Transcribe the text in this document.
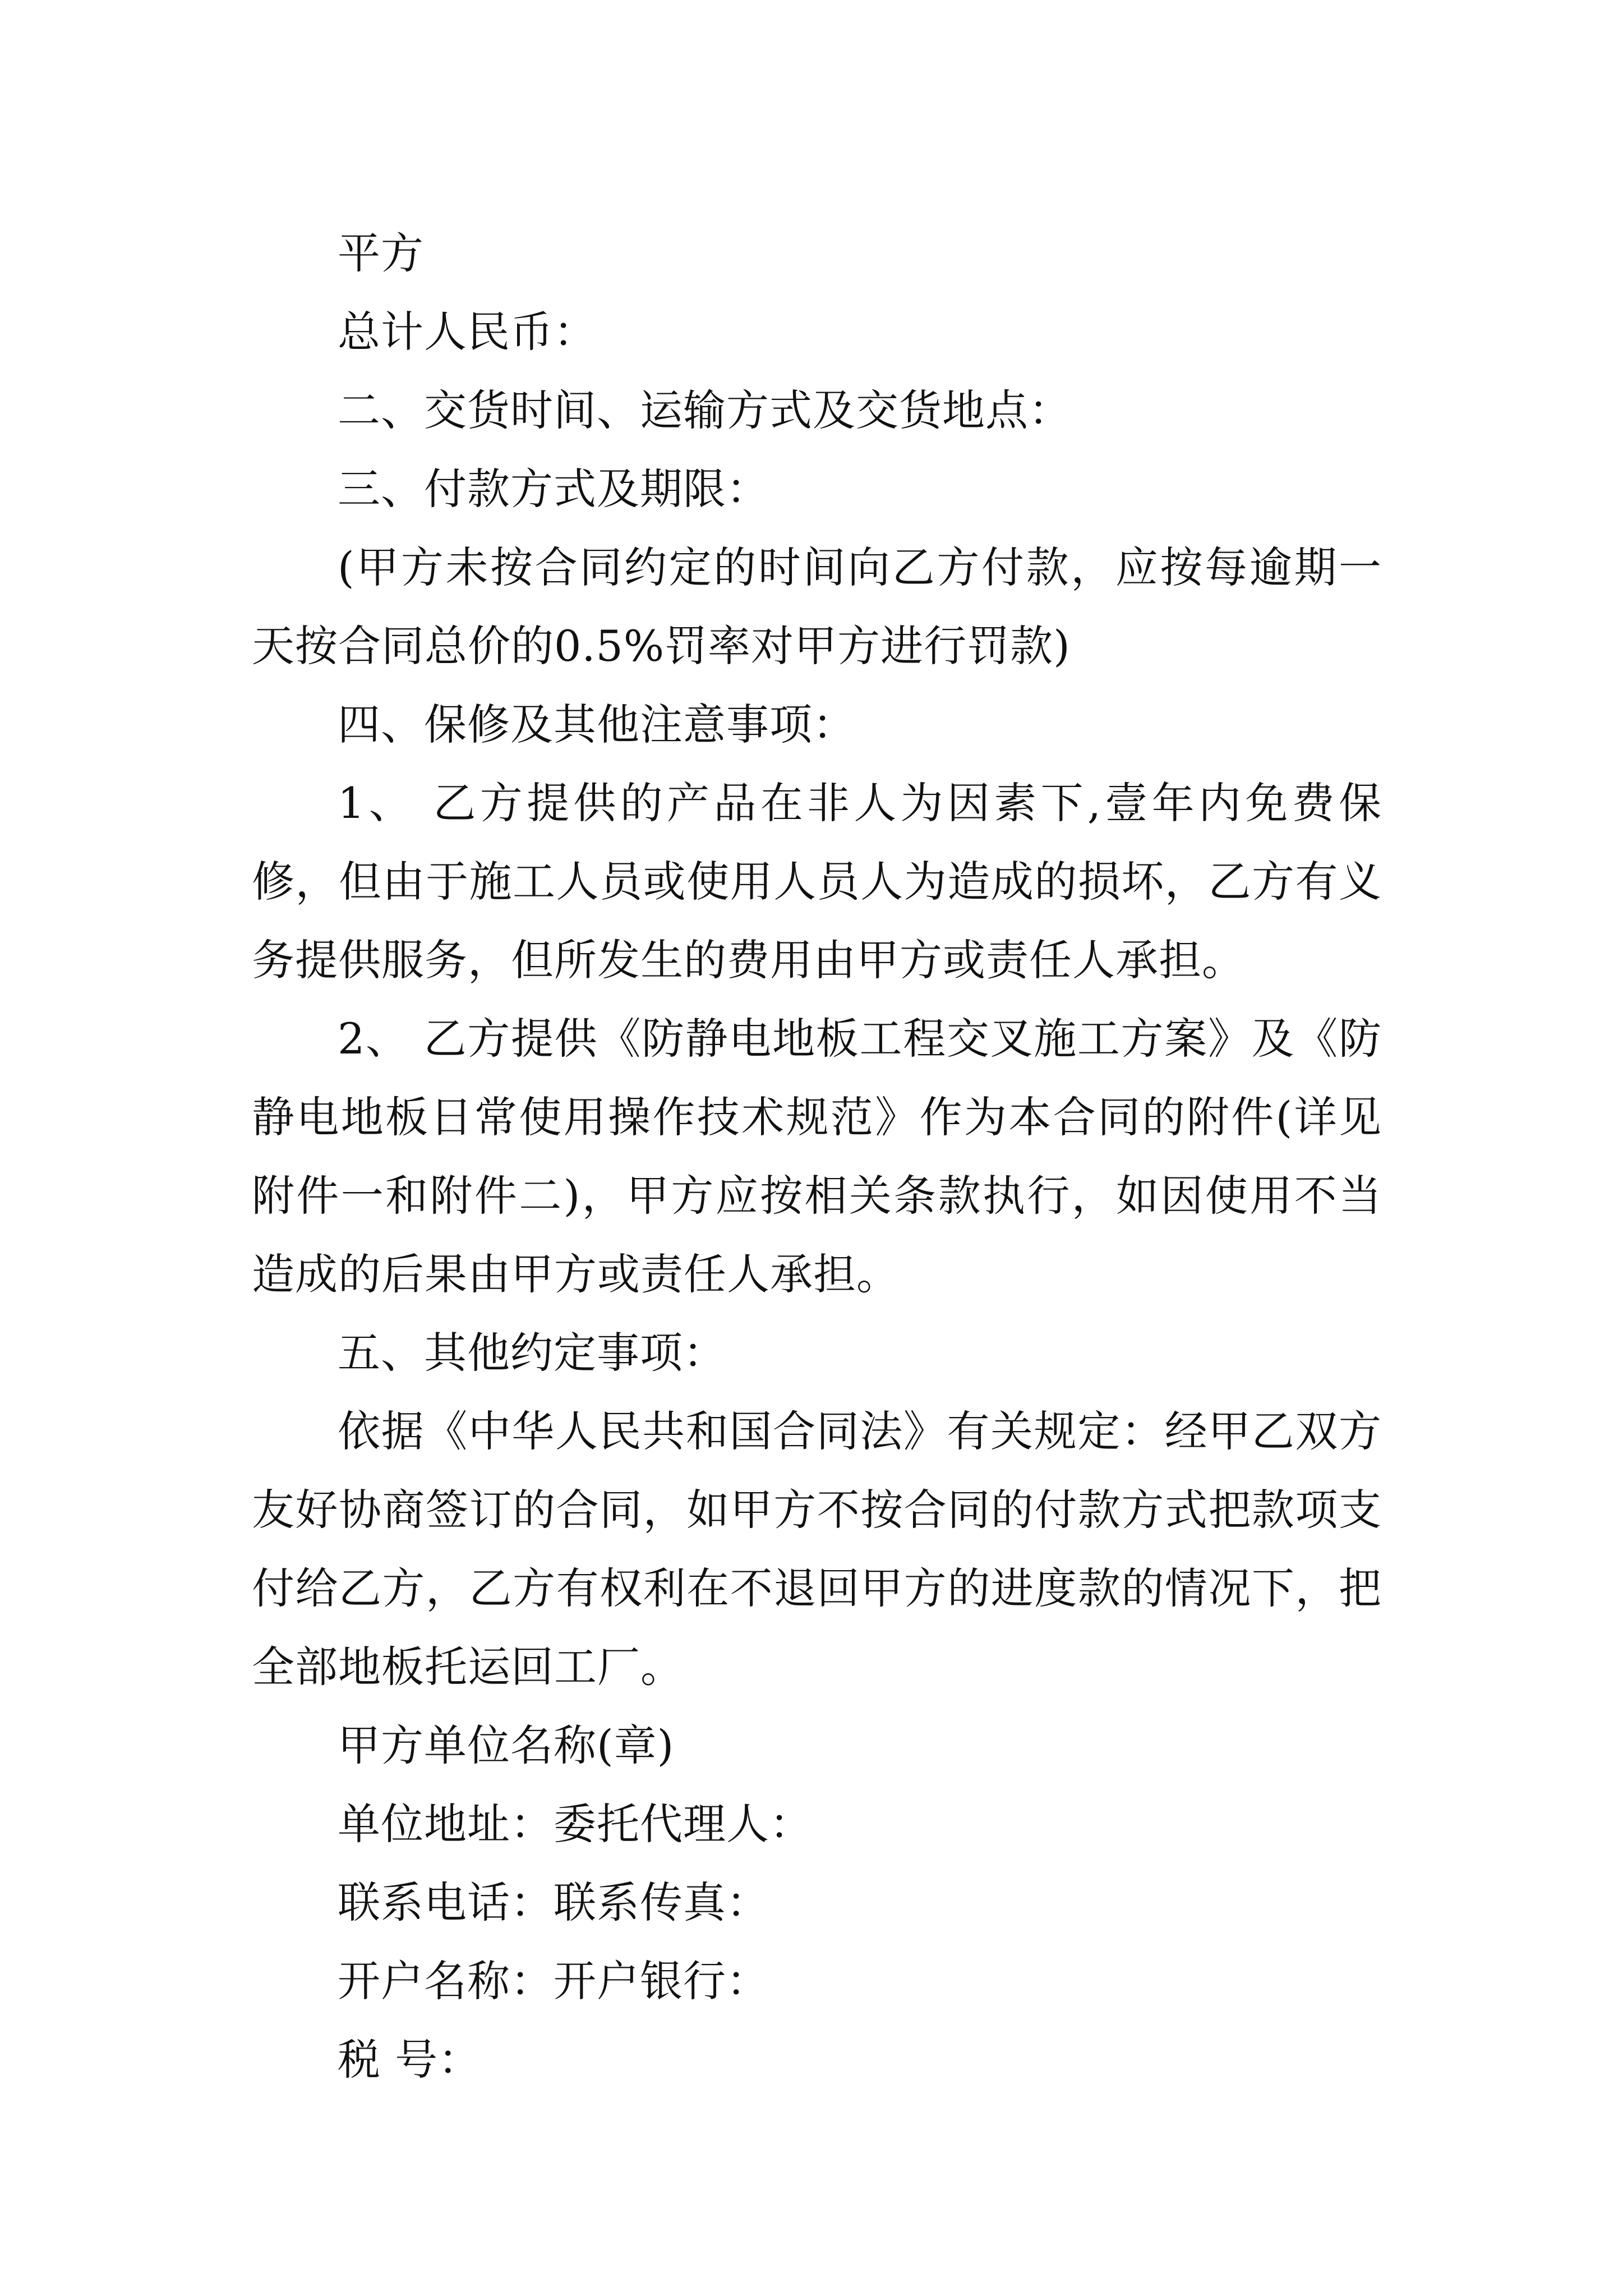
平方

总计人民币：

二、交货时间、运输方式及交货地点：

三、付款方式及期限：

(甲方未按合同约定的时间向乙方付款，应按每逾期一天按合同总价的0.5%罚率对甲方进行罚款)

四、保修及其他注意事项：

1、 乙方提供的产品在非人为因素下,壹年内免费保修，但由于施工人员或使用人员人为造成的损坏，乙方有义务提供服务，但所发生的费用由甲方或责任人承担。

2、 乙方提供《防静电地板工程交叉施工方案》及《防静电地板日常使用操作技术规范》作为本合同的附件(详见附件一和附件二)，甲方应按相关条款执行，如因使用不当造成的后果由甲方或责任人承担。

五、其他约定事项：

依据《中华人民共和国合同法》有关规定：经甲乙双方友好协商签订的合同，如甲方不按合同的付款方式把款项支付给乙方，乙方有权利在不退回甲方的进度款的情况下，把全部地板托运回工厂。

甲方单位名称(章)

单位地址：委托代理人：

联系电话：联系传真：

开户名称：开户银行：

税 号：
